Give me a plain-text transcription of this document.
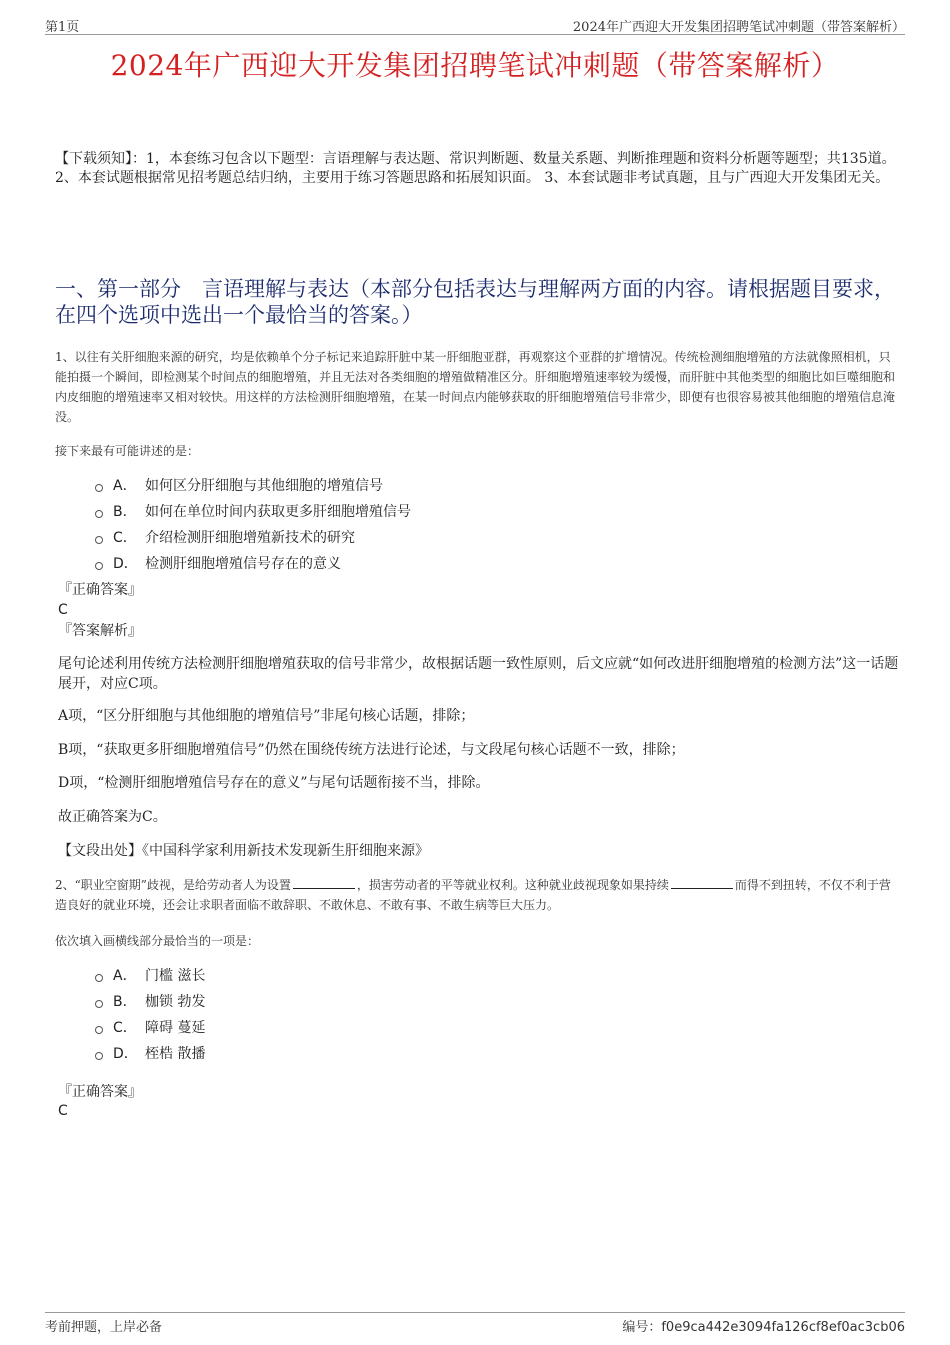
第1页	2024年广西迎大开发集团招聘笔试冲刺题（带答案解析）
2024年广西迎大开发集团招聘笔试冲刺题（带答案解析）
【下载须知】：1，本套练习包含以下题型：言语理解与表达题、常识判断题、数量关系题、判断推理题和资料分析题等题型；共135道。 2、本套试题根据常见招考题总结归纳，主要用于练习答题思路和拓展知识面。 3、本套试题非考试真题，且与广西迎大开发集团无关。
一、第一部分　言语理解与表达（本部分包括表达与理解两方面的内容。请根据题目要求，在四个选项中选出一个最恰当的答案。）
1、以往有关肝细胞来源的研究，均是依赖单个分子标记来追踪肝脏中某一肝细胞亚群，再观察这个亚群的扩增情况。传统检测细胞增殖的方法就像照相机，只能拍摄一个瞬间，即检测某个时间点的细胞增殖，并且无法对各类细胞的增殖做精准区分。肝细胞增殖速率较为缓慢，而肝脏中其他类型的细胞比如巨噬细胞和内皮细胞的增殖速率又相对较快。用这样的方法检测肝细胞增殖，在某一时间点内能够获取的肝细胞增殖信号非常少，即便有也很容易被其他细胞的增殖信息淹没。
接下来最有可能讲述的是：
A． 如何区分肝细胞与其他细胞的增殖信号
B． 如何在单位时间内获取更多肝细胞增殖信号
C． 介绍检测肝细胞增殖新技术的研究
D． 检测肝细胞增殖信号存在的意义
『正确答案』
C
『答案解析』
尾句论述利用传统方法检测肝细胞增殖获取的信号非常少，故根据话题一致性原则，后文应就“如何改进肝细胞增殖的检测方法”这一话题展开，对应C项。
A项，“区分肝细胞与其他细胞的增殖信号”非尾句核心话题，排除；
B项，“获取更多肝细胞增殖信号”仍然在围绕传统方法进行论述，与文段尾句核心话题不一致，排除；
D项，“检测肝细胞增殖信号存在的意义”与尾句话题衔接不当，排除。
故正确答案为C。
【文段出处】《中国科学家利用新技术发现新生肝细胞来源》
2、“职业空窗期”歧视，是给劳动者人为设置	，损害劳动者的平等就业权利。这种就业歧视现象如果持续	而得不到扭转，不仅不利于营造良好的就业环境，还会让求职者面临不敢辞职、不敢休息、不敢有事、不敢生病等巨大压力。
依次填入画横线部分最恰当的一项是：
A． 门槛 滋长
B． 枷锁 勃发
C． 障碍 蔓延
D． 桎梏 散播
『正确答案』
C
考前押题，上岸必备	编号：f0e9ca442e3094fa126cf8ef0ac3cb06
